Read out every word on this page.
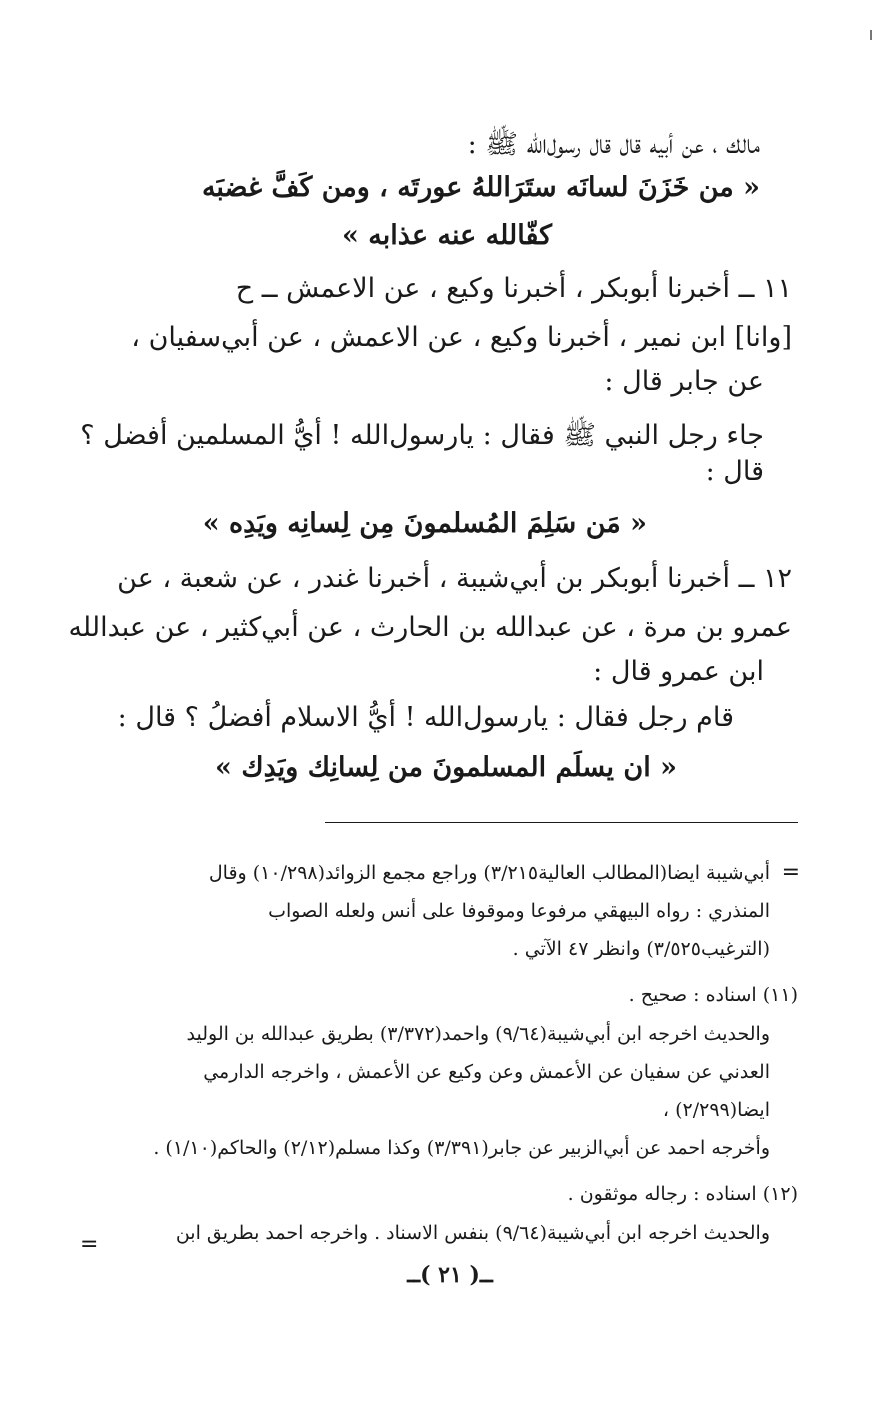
مالك ، عن أبيه قال قال رسول‌الله ﷺ :
« من خَزَنَ لسانَه ستَرَاللهُ عورتَه ، ومن كَفَّ غضبَه
كفّالله عنه عذابه »
١١ ــ أخبرنا أبوبكر ، أخبرنا وكيع ، عن الاعمش ــ ح
[وانا] ابن نمير ، أخبرنا وكيع ، عن الاعمش ، عن أبي‌سفيان ،
عن جابر قال :
جاء رجل النبي ﷺ فقال : يارسول‌الله ! أيُّ المسلمين أفضل ؟
قال :
« مَن سَلِمَ المُسلمونَ مِن لِسانِه ويَدِه »
١٢ ــ أخبرنا أبوبكر بن أبي‌شيبة ، أخبرنا غندر ، عن شعبة ، عن
عمرو بن مرة ، عن عبدالله بن الحارث ، عن أبي‌كثير ، عن عبدالله
ابن عمرو قال :
قام رجل فقال : يارسول‌الله ! أيُّ الاسلام أفضلُ ؟ قال :
« ان يسلَم المسلمونَ من لِسانِك ويَدِك »
=
أبي‌شيبة ايضا(المطالب العالية٣/٢١٥) وراجع مجمع الزوائد(١٠/٢٩٨) وقال
المنذري : رواه البيهقي مرفوعا وموقوفا على أنس ولعله الصواب
(الترغيب٣/٥٢٥) وانظر ٤٧ الآتي .
(١١) اسناده : صحيح .
والحديث اخرجه ابن أبي‌شيبة(٩/٦٤) واحمد(٣/٣٧٢) بطريق عبدالله بن الوليد
العدني عن سفيان عن الأعمش وعن وكيع عن الأعمش ، واخرجه الدارمي
ايضا(٢/٢٩٩) ،
وأخرجه احمد عن أبي‌الزبير عن جابر(٣/٣٩١) وكذا مسلم(٢/١٢) والحاكم(١/١٠) .
(١٢) اسناده : رجاله موثقون .
والحديث اخرجه ابن أبي‌شيبة(٩/٦٤) بنفس الاسناد . واخرجه احمد بطريق ابن
=
ــ( ٢١ )ــ
